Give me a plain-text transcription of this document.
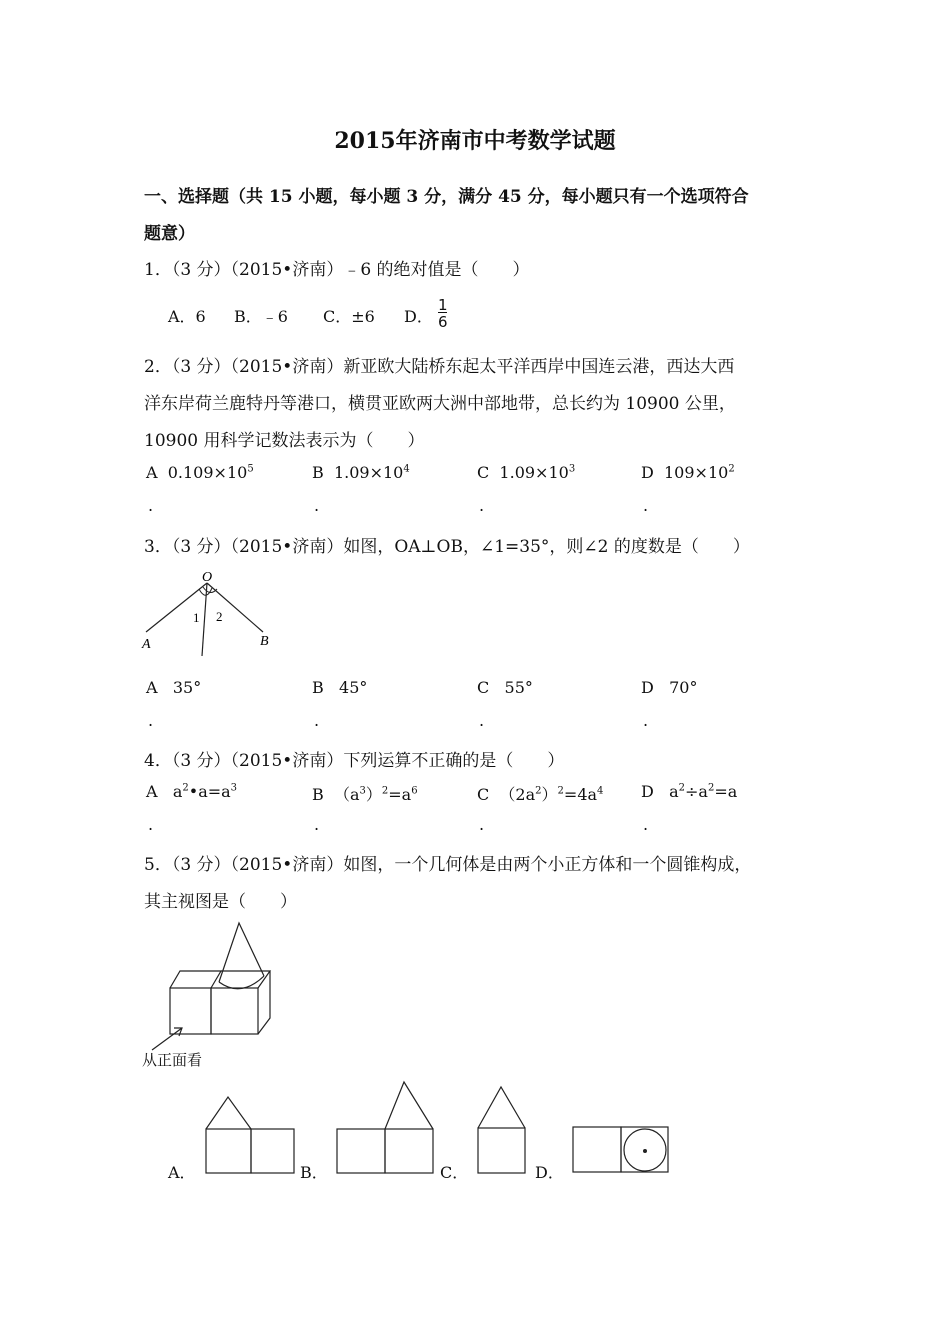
2015年济南市中考数学试题
一、选择题（共 15 小题，每小题 3 分，满分 45 分，每小题只有一个选项符合
题意）
1．（3 分）（2015•济南）﹣6 的绝对值是（　　）
A．6 B．﹣6 C．±6 D． $\frac{1}{6}$
2．（3 分）（2015•济南）新亚欧大陆桥东起太平洋西岸中国连云港，西达大西
洋东岸荷兰鹿特丹等港口，横贯亚欧两大洲中部地带，总长约为 10900 公里，
10900 用科学记数法表示为（　　）
A $0.109\times 10^5$	B $1.09\times 10^4$	C $1.09\times 10^3$	D $109\times 10^2$
.	.	.	.
3．（3 分）（2015•济南）如图，OA⊥OB，∠1=35°，则∠2 的度数是（　　）
O
A	B
1 2
A 35°	B 45°	C 55°	D 70°
.	.	.	.
4．（3 分）（2015•济南）下列运算不正确的是（　　）
A $a^2•a=a^3$	B $(a^3)^2=a^6$	C $(2a^2)^2=4a^4$ D $a^2\div a^2=a$
.	.	.	.
5．（3 分）（2015•济南）如图，一个几何体是由两个小正方体和一个圆锥构成，
其主视图是（　　）
从正面看
A．	B．	C．	D．
